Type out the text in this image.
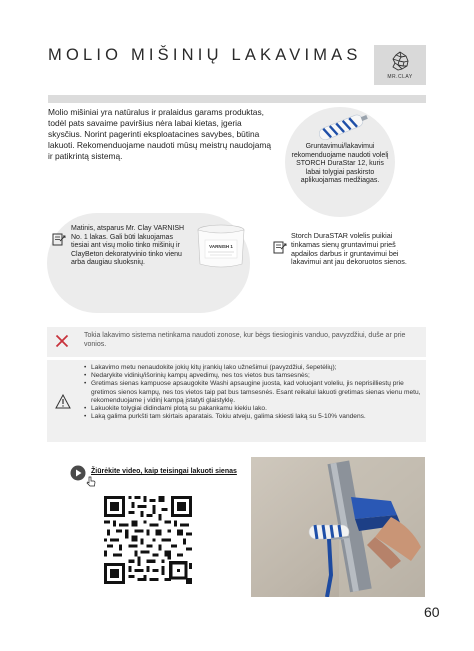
MOLIO MIŠINIŲ LAKAVIMAS
MR.CLAY

Molio mišiniai yra natūralus ir pralaidus garams produktas, todėl pats savaime paviršius nėra labai kietas, įgeria skysčius. Norint pagerinti eksploatacines savybes, būtina lakuoti. Rekomenduojame naudoti mūsų meistrų naudojamą ir patikrintą sistemą.

Gruntavimui/lakavimui rekomenduojame naudoti volelį STORCH DuraStar 12, kuris labai tolygiai paskirsto aplikuojamas medžiagas.

Matinis, atsparus Mr. Clay VARNISH No. 1 lakas. Gali būti lakuojamas tiesiai ant visų molio tinko mišinių ir ClayBeton dekoratyvinio tinko vienu arba daugiau sluoksnių.

VARNISH 1

Storch DuraSTAR volelis puikiai tinkamas sienų gruntavimui prieš apdailos darbus ir gruntavimui bei lakavimui ant jau dekoruotos sienos.

Tokia lakavimo sistema netinkama naudoti zonose, kur bėgs tiesioginis vanduo, pavyzdžiui, duše ar prie vonios.

• Lakavimo metu nenaudokite jokių kitų įrankių lako užnešimui (pavyzdžiui, šepetėlių);
• Nedarykite vidinių/išorinių kampų apvedimų, nes tos vietos bus tamsesnės;
• Gretimas sienas kampuose apsaugokite Washi apsaugine juosta, kad voluojant voleliu, jis neprisilliestų prie gretimos sienos kampų, nes tos vietos taip pat bus tamsesnės. Esant reikalui lakuoti gretimas sienas vienu metu, rekomenduojame į vidinį kampą įstatyti glaistyklę.
• Lakuokite tolygiai didindami plotą su pakankamu kiekiu lako.
• Laką galima purkšti tam skirtais aparatais. Tokiu atveju, galima skiesti laką su 5-10% vandens.
Žiūrėkite video, kaip teisingai lakuoti sienas
60
